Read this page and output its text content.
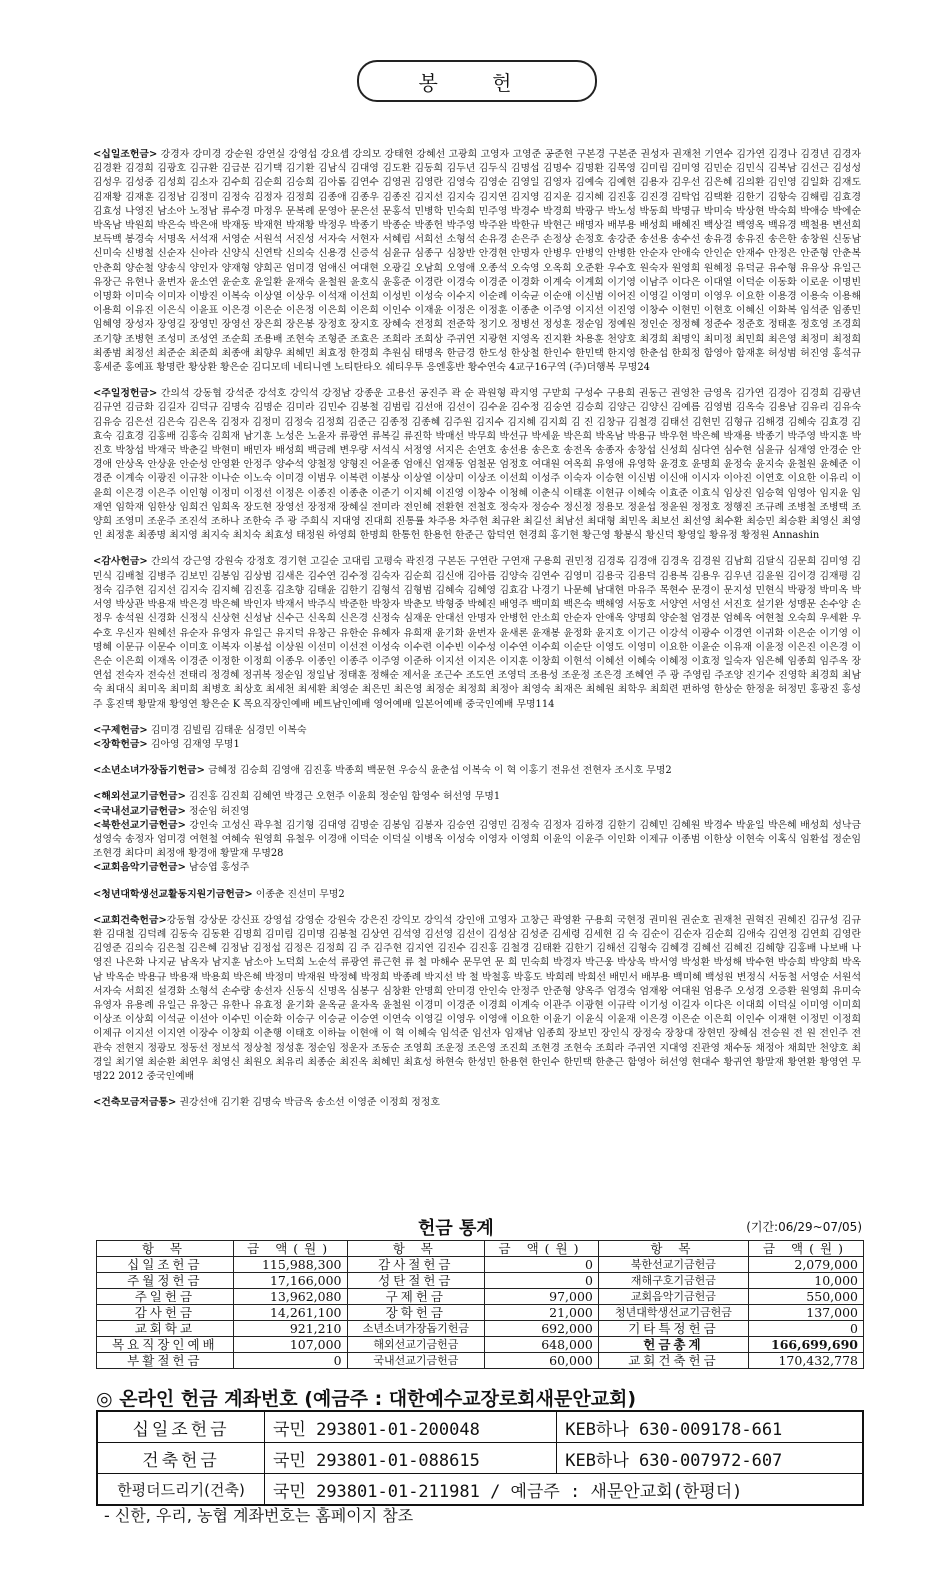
봉 헌

<십일조헌금> 강경자 강미경 강순원 강연실 강영섭 강요셉 강의모 강태현 강혜선 고광희 고영자 고영준 공준현 구본경 구본준 권성자 권재천 기연수 김가연 김경나 김경년 김경자 김경환 김경희 김광호 김규환 김급분 김기택 김기환 김남식 김대영 김도환 김동희 김두년 김두식 김명섭 김명수 김명환 김목영 김미림 김미영 김민순 김민식 김복남 김선근 김성성 김성우 김성중 김성희 김소자 김수희 김순희 김승희 김아롬 김연수 김영권 김영란 김영숙 김영순 김영일 김영자 김예숙 김예현 김용자 김우선 김은혜 김의환 김인영 김일화 김재도 김재황 김재훈 김정남 김정미 김정숙 김정자 김정희 김종애 김종우 김종진 김지선 김지숙 김지연 김지영 김지운 김지혜 김진홍 김진경 김탁업 김택환 김한기 김항숙 김해림 김효경 김효성 나영진 남소아 노정남 류수경 마정우 문복례 문영아 문은선 문홍석 민병학 민숙희 민주영 박경수 박경희 박광구 박노성 박동희 박명규 박미숙 박상현 박숙희 박애승 박에순 박옥남 박원희 박은숙 박은애 박재동 박재현 박재황 박정우 박종기 박종순 박종헌 박주영 박주완 박한규 박현근 배명자 배부용 배성희 배혜진 백상걸 백영옥 백유경 백철용 변선희 보득백 봉경숙 서명옥 서석재 서영순 서원석 서진성 서자숙 서현자 서혜림 서희선 소형석 손유경 손은주 손정상 손정호 송강준 송선용 송수선 송유경 송유진 송은한 송창원 신동남 신미숙 신병철 신순자 신아라 신양식 신연탁 신의숙 신용경 신증석 심윤규 심종구 심창반 안경현 안명자 안병우 안병익 안병한 안순자 안애숙 안인순 안재수 안정은 안준형 안춘복 안춘희 양순철 양송식 양인자 양재형 양희곤 엄미경 엄애신 여대현 오광길 오남희 오영애 오종석 오숙영 오옥희 오준환 우수호 원숙자 원영희 원혜정 유덕균 유수형 유유상 유일근 유장근 유현나 윤번자 윤소연 윤순호 윤일환 윤재숙 윤철원 윤호식 윤홍준 이경란 이경숙 이경준 이경화 이계숙 이계희 이기영 이남주 이다은 이대열 이덕순 이동화 이로운 이명빈 이명화 이미숙 이미자 이방진 이복숙 이상열 이상우 이석재 이선희 이성빈 이성숙 이수지 이순례 이숙균 이순애 이신범 이어진 이영길 이영미 이영우 이요한 이용경 이용숙 이용해 이용희 이유진 이은식 이윤표 이은경 이은순 이은정 이은희 이은희 이인수 이재윤 이정은 이정훈 이종춘 이주영 이지선 이진영 이창수 이현민 이현호 이혜신 이화복 임석준 임종민 임혜영 장성자 장영길 장영민 장영선 장은희 장은봉 장정호 장지호 장혜숙 전정희 전준학 정기오 정병선 정성훈 정순임 정예원 정인순 정정혜 정준수 정준호 정태훈 정호영 조경희 조기향 조병현 조성미 조성연 조순희 조용배 조현숙 조형준 조효은 조희라 조희상 주귀연 지광현 지영옥 진지환 차용훈 천양호 최경희 최명익 최미정 최민희 최은영 최정미 최정희 최종범 최정선 최준순 최준희 최종애 최향우 최혜민 최효정 한경희 추원심 태명옥 한금경 한도성 한상철 한인수 한민택 한지영 한춘섭 한희정 함영아 함재훈 허성범 허진영 홍석규 홍세준 홍예표 황명란 황상환 황은순 김디모데 네티니엔 노티탄타오 쉐티우투 응엔홍반 황수연숙 4교구16구역 (주)더행복 무명24

<주일정헌금> 간의석 강동협 강석준 강석호 강익석 강정남 강종운 고용선 공진주 곽 순 곽원형 곽지영 구맏희 구성수 구용희 권동근 권영찬 금영옥 김가연 김경아 김경희 김광년 김규연 김금화 김길자 김덕규 김명숙 김명순 김미라 김민수 김봉철 김범림 김선애 김선이 김수윤 김수정 김숭연 김승희 김양근 김양신 김예름 김영범 김옥숙 김용남 김유리 김유숙 김유승 김은선 김은숙 김은옥 김정자 김정미 김정숙 김정희 김준근 김종정 김종혜 김주원 김지수 김지혜 김지희 김 진 김창규 김철경 김태선 김현민 김형규 김해경 김혜숙 김효경 김효숙 김효경 김홍배 김홍숙 김희재 남기훈 노성은 노윤자 류광연 류복길 류진학 박매선 박무희 박선규 박세윤 박은희 박옥남 박용규 박우현 박은혜 박재용 박종기 박주영 박지훈 박진호 박창섭 박재국 박춘길 박현미 배민자 배성희 백금례 변우량 서석식 서정영 서지은 손연호 송선용 송은호 송전옥 송종자 송창섭 신성희 심다연 심수현 심윤규 심재영 안경순 안경애 안상옥 안상윤 안순성 안영환 안정주 양수석 양철정 양형진 어윤종 엄애신 엄재동 엄철문 엄정호 여대원 여옥희 유영애 유영학 윤경호 윤명희 윤정숙 윤지숙 윤철원 윤혜준 이경준 이계숙 이광진 이규찬 이나순 이노숙 이미경 이범우 이복련 이봉상 이상열 이상미 이상조 이선희 이성주 이숙자 이승현 이신범 이신애 이시자 이아진 이연호 이요한 이유리 이윤희 이은경 이은주 이인형 이정미 이정선 이정은 이종진 이종춘 이준기 이지혜 이진영 이창수 이청혜 이춘식 이태훈 이현규 이혜숙 이효준 이효식 임상진 임승혁 임영아 임지윤 임재연 임학재 임한상 임희건 임희옥 장도현 장영선 장정재 장혜실 전미라 전인혜 전환현 전철호 정숙자 정승수 정신정 정용모 정윤섭 정윤원 정정호 정행진 조규례 조병철 조병택 조양희 조영미 조운주 조진석 조하나 조한숙 주 광 주희식 지대영 진대희 진통률 차주용 차주현 최규완 최길선 최남선 최대형 최민옥 최보선 최선영 최수환 최승민 최승환 최영신 최영인 최정훈 최종명 최지영 최지숙 최치숙 최효성 태정원 하영희 한명희 한통헌 한용헌 한준근 함덕연 현경희 홍기현 황근영 황봉식 황신덕 황영일 황유정 황정원 Annashin

<감사헌금> 간의석 강근영 강원숙 강정호 경기현 고길순 고대림 고평숙 곽진경 구본돈 구연란 구연재 구용희 권민정 김경록 김경애 김경옥 김경원 김남희 김달식 김문희 김미영 김민식 김배철 김병주 김보민 김봉임 김상범 김새은 김수연 김수정 김숙자 김순희 김신애 김아름 김양숙 김연수 김영미 김용국 김용덕 김용복 김용우 김우년 김윤원 김이경 김재평 김정숙 김주현 김지선 김지숙 김지혜 김진홍 김초향 김태윤 김한기 김형석 김형범 김혜숙 김혜영 김효감 나경기 나문혜 남대현 마유주 목현수 문경이 문지성 민현식 박광정 박미옥 박서영 박상관 박용재 박은경 박은혜 박인자 박재서 박주식 박준한 박창자 박춘모 박형중 박혜진 배영주 백미희 백은숙 백해영 서동호 서양연 서영선 서진호 설기완 성맹문 손수양 손정우 송석원 신경화 신정식 신상현 신성남 신수근 신옥희 신은경 신정숙 심재운 안대선 안명자 안병헌 안소희 안순자 안애옥 양명희 양순철 엄경분 엄혜옥 여현철 오숙희 우세환 우수호 우신자 원혜선 유순자 유영자 유일근 유지덕 유창근 유한순 유혜자 유희재 윤기화 윤번자 윤새론 윤재봉 윤정화 윤지호 이기근 이강석 이광수 이경연 이귀화 이은순 이기영 이명혜 이문규 이문수 이미호 이복자 이봉섭 이상원 이선미 이선전 이성숙 이수련 이수빈 이수성 이수연 이수희 이순단 이영도 이영미 이요한 이윤순 이유재 이윤정 이은진 이은경 이은순 이은희 이재옥 이경준 이정한 이정희 이종우 이종인 이종주 이주영 이준하 이지선 이지은 이지훈 이창희 이현석 이혜선 이혜숙 이혜정 이효정 일숙자 임은혜 임종희 임주옥 장연섭 전숙자 전숙선 전태리 정경혜 정귀복 정순임 정일남 정태훈 정해순 제서윤 조근수 조도연 조영덕 조용성 조운정 조은경 조혜연 주 광 주영림 주조양 진기수 진영학 최경희 최남숙 최대식 최미옥 최미희 최병호 최상호 최세천 최세환 최영순 최은민 최은영 최정순 최정희 최정아 최영숙 최재은 최혜원 최학우 최희련 편하영 한상순 한정윤 허정민 홍광진 홍성주 홍진택 황말재 황영연 황은순 K 목요직장인예배 베트남인예배 영어예배 일본어예배 중국인예배 무명114

<구제헌금> 김미경 김빌림 김태운 심경민 이복숙

<장학헌금> 김아영 김재영 무명1

<소년소녀가장돕기헌금> 금혜정 김승희 김영애 김진홍 박종희 백문현 우승식 윤춘섭 이복숙 이 혁 이홍기 전유선 전현자 조시호 무명2

<해외선교기금헌금> 김진홍 김진희 김혜연 박경근 오현주 이윤희 정순임 함영수 허선영 무명1

<국내선교기금헌금> 정순임 허진영

<북한선교기금헌금> 강인숙 고성신 곽우철 김기형 김대영 김명순 김봉임 김봉자 김승연 김영민 김정숙 김정자 김하경 김한기 김혜민 김혜원 박경수 박윤일 박은혜 배성희 성낙금 성영숙 송정자 엄미경 여현철 여혜숙 원영희 유철우 이경애 이덕순 이덕실 이병옥 이성숙 이영자 이영희 이윤익 이윤주 이인화 이제규 이종범 이한상 이현숙 이혹식 임환섭 정순임 조현경 최다미 최정애 황경애 황말재 무명28

<교회음악기금헌금> 남승엽 홍성주

<청년대학생선교활동지원기금헌금> 이종춘 진선미 무명2

<교회건축헌금>강동협 강상문 강신표 강영섭 강영순 강원숙 강은진 강익모 강익석 강인애 고영자 고창근 곽영환 구용희 국현정 권미원 권순호 권재천 권혁진 권혜진 김규성 김규환 김대철 김덕례 김동숙 김동환 김명희 김미림 김미명 김봉철 김상연 김석영 김선영 김선이 김성삼 김성준 김세령 김세현 김 숙 김순이 김순자 김순희 김애숙 김연정 김연희 김영란 김영준 김의숙 김은철 김은혜 김정남 김정섭 김정은 김정희 김 주 김주현 김지연 김진수 김진홍 김철경 김태환 김한기 김해선 김형숙 김혜경 김혜선 김혜진 김혜향 김홍배 나보배 나영진 나은화 나지균 남옥자 남지훈 남소아 노덕희 노순석 류광연 류근현 류 철 마해수 문무연 문 희 민숙희 박경자 박근웅 박상욱 박서영 박성환 박성해 박수현 박승희 박양희 박옥남 박옥순 박용규 박용재 박용희 박은혜 박정미 박재원 박정혜 박정희 박종례 박지선 박 철 박철홍 박홍도 박희레 박희선 배민서 배부용 백미혜 백성원 변정식 서동철 서영순 서원석 서자숙 서희진 설경화 소형석 손수량 송선자 신동식 신명옥 심봉구 심창환 안명희 안미경 안인숙 안정주 안준형 양옥주 엄경숙 엄재왕 여대원 엄용주 오성경 오증환 원영희 유미숙 유영자 유용례 유일근 유창근 유한나 유효정 윤기화 윤옥균 윤자옥 윤철원 이경미 이경준 이경희 이계숙 이관주 이광현 이규락 이기성 이길자 이다은 이대희 이덕실 이미영 이미희 이상조 이상희 이석균 이선아 이수민 이순화 이승구 이승균 이승연 이연숙 이영길 이영우 이영애 이요한 이윤기 이윤식 이윤재 이은경 이은순 이은희 이인수 이재현 이정민 이정희 이제규 이지선 이지연 이장수 이창희 이춘행 이태호 이하늘 이현애 이 혁 이혜숙 임석준 임선자 임재남 임종희 장보민 장인식 장정숙 장창대 장현민 장혜심 전승원 전 원 전인주 전관숙 전현지 정광모 정동선 정보석 정상철 정성훈 정순임 정운자 조동순 조영희 조운정 조은영 조진희 조현경 조현숙 조희라 주귀연 지대영 진관영 채수동 채정아 채희만 천양호 최경일 최기열 최순환 최연우 최영신 최원오 최유리 최종순 최진옥 최혜민 최효성 하현숙 한성민 한용현 한인수 한민택 한춘근 함영아 허선영 현대수 황귀연 황말재 황연환 황영연 무명22 2012 중국인예배

<건축모금저금통> 권강선애 김기환 김명숙 박금옥 송소선 이영준 이정희 정정호

헌금 통계	(기간:06/29~07/05)
항 목	금 액(원)	항 목	금 액(원)	항 목	금 액(원)
십일조헌금	115,988,300	감사절헌금	0	북한선교기금헌금	2,079,000
주월정헌금	17,166,000	성탄절헌금	0	재해구호기금헌금	10,000
주일헌금	13,962,080	구제헌금	97,000	교회음악기금헌금	550,000
감사헌금	14,261,100	장학헌금	21,000	청년대학생선교기금헌금	137,000
교회학교	921,210	소년소녀가장돕기헌금	692,000	기타특정헌금	0
목요직장인예배	107,000	해외선교기금헌금	648,000	헌금총계	166,699,690
부활절헌금	0	국내선교기금헌금	60,000	교회건축헌금	170,432,778
◎ 온라인 헌금 계좌번호 (예금주 : 대한예수교장로회새문안교회)
십일조헌금	국민 293801-01-200048	KEB하나 630-009178-661
건축헌금	국민 293801-01-088615	KEB하나 630-007972-607
한평더드리기(건축)	국민 293801-01-211981 / 예금주 : 새문안교회(한평더)	
- 신한, 우리, 농협 계좌번호는 홈페이지 참조
